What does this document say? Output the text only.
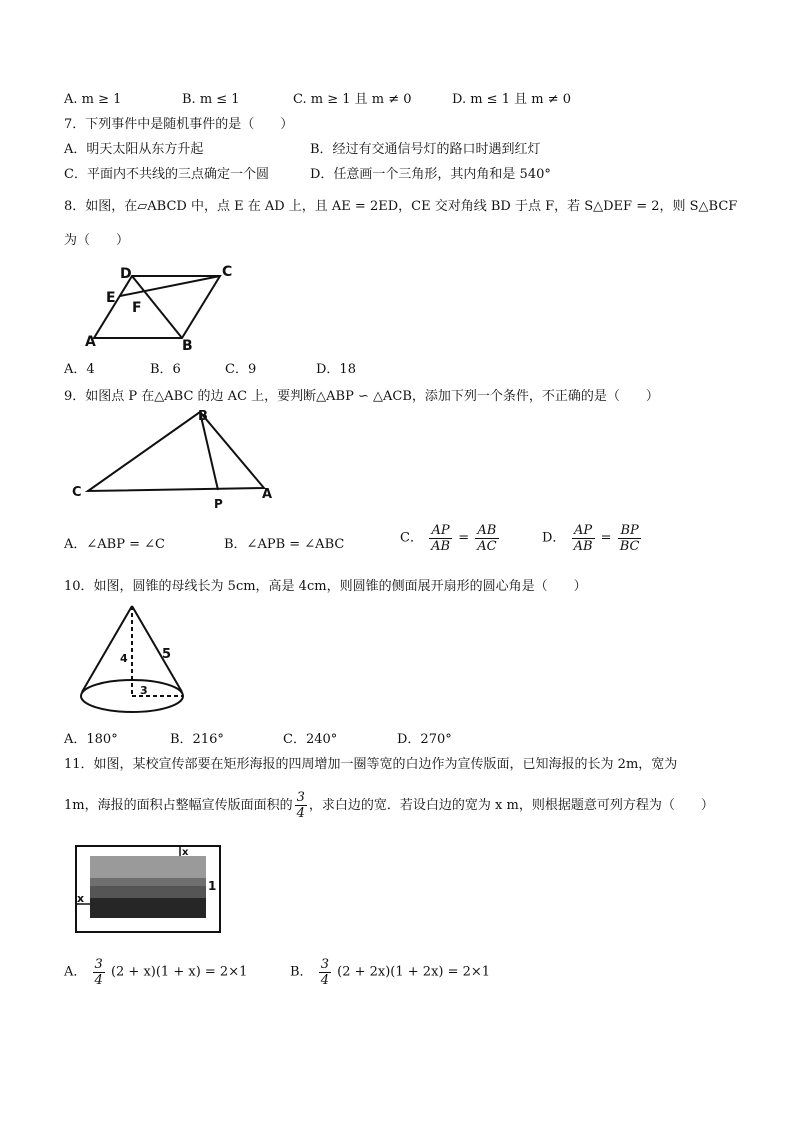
A. m ≥ 1	B. m ≤ 1	C. m ≥ 1 且 m ≠ 0	D. m ≤ 1 且 m ≠ 0
7．下列事件中是随机事件的是（　　）
A．明天太阳从东方升起	B．经过有交通信号灯的路口时遇到红灯
C．平面内不共线的三点确定一个圆	D．任意画一个三角形，其内角和是 540°
8．如图，在▱ABCD 中，点 E 在 AD 上，且 AE = 2ED，CE 交对角线 BD 于点 F，若 S△DEF = 2，则 S△BCF
为（　　）
A	B
C
D
E
F
A．4	B．6	C．9	D．18
9．如图点 P 在△ABC 的边 AC 上，要判断△ABP ∽ △ACB，添加下列一个条件，不正确的是（　　）
B
C	A
P
A．∠ABP = ∠C	B．∠APB = ∠ABC	C． $\frac{AP}{AB} = \frac{AB}{AC}$	D． $\frac{AP}{AB} = \frac{BP}{BC}$
10．如图，圆锥的母线长为 5cm，高是 4cm，则圆锥的侧面展开扇形的圆心角是（　　）
4	5
3
A．180°	B．216°	C．240°	D．270°
11．如图，某校宣传部要在矩形海报的四周增加一圈等宽的白边作为宣传版面，已知海报的长为 2m，宽为
1m，海报的面积占整幅宣传版面面积的 $\frac{3}{4}$ ，求白边的宽．若设白边的宽为 x m，则根据题意可列方程为（　　）
x
x
1
A． $\frac{3}{4} (2 + x)(1 + x) = 2\times 1$	B． $\frac{3}{4} (2 + 2x)(1 + 2x) = 2\times 1$
